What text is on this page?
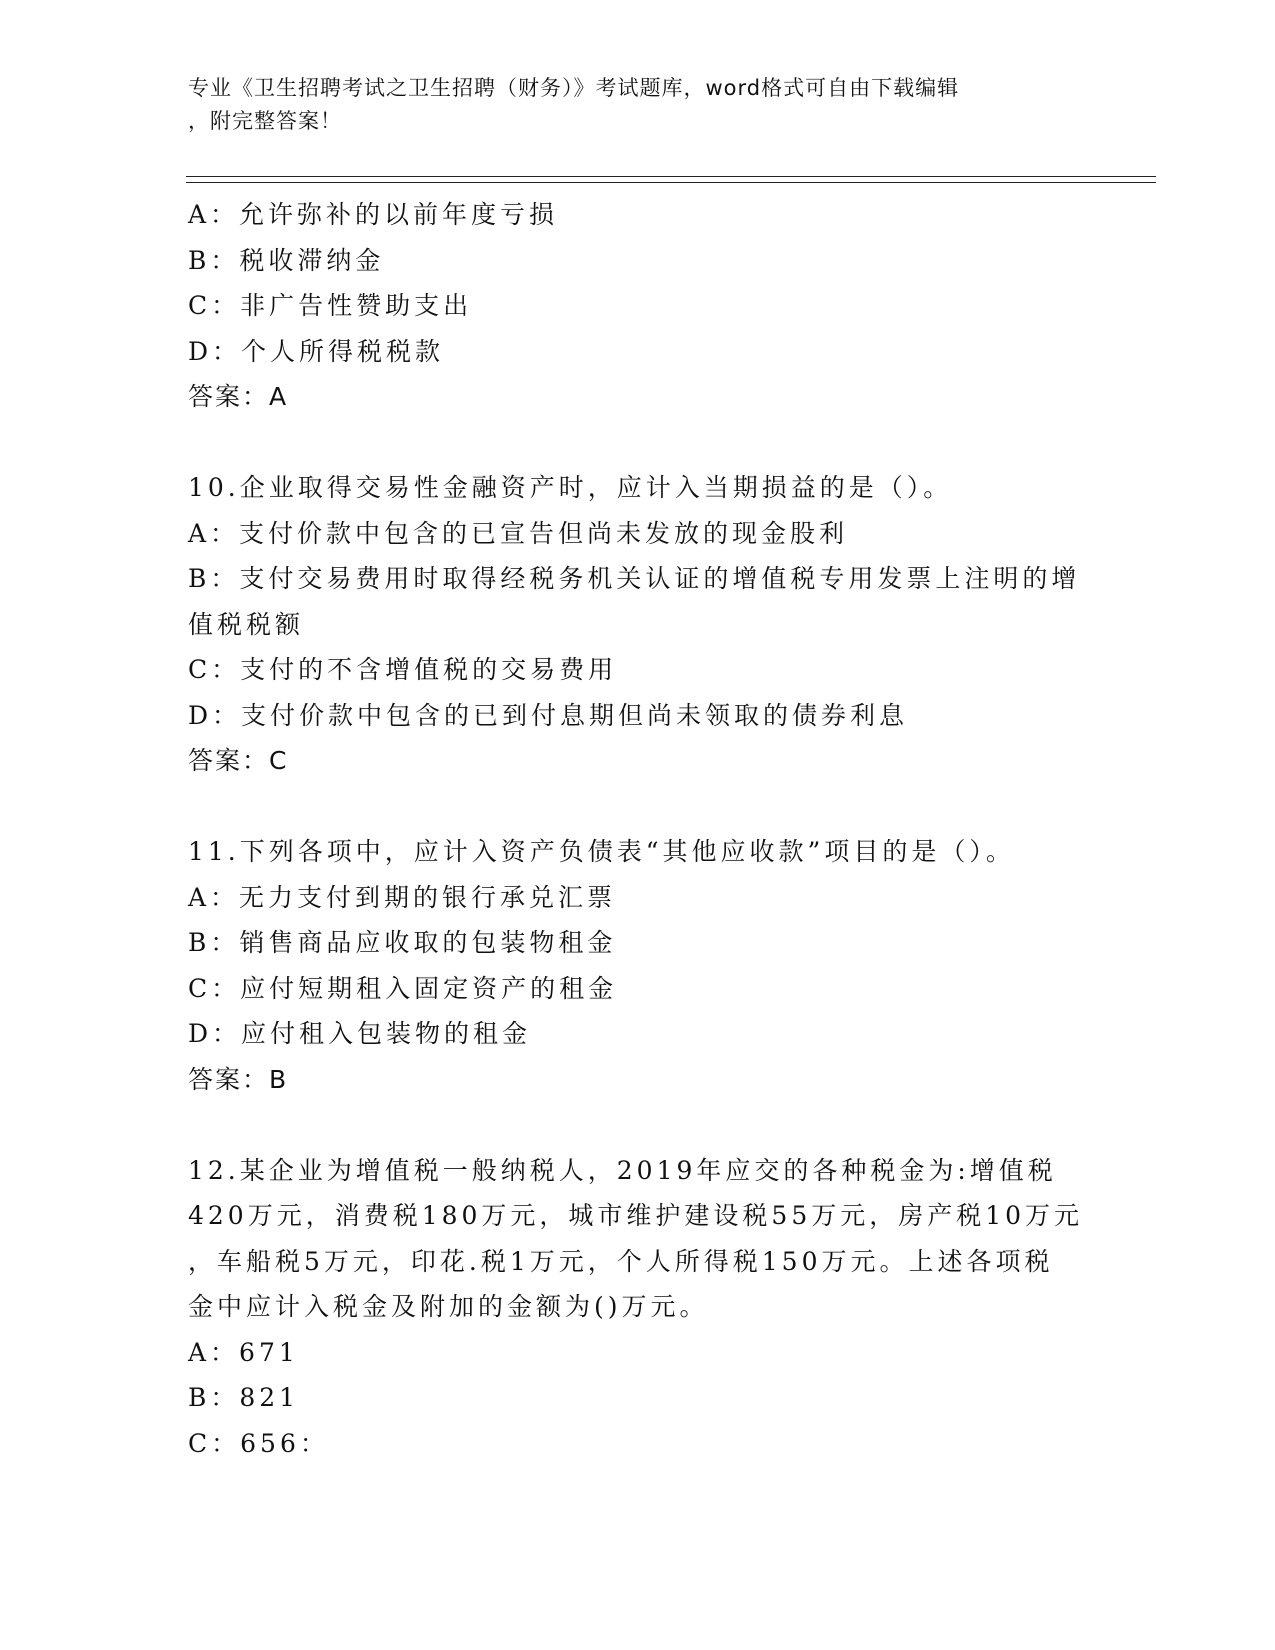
专业《卫生招聘考试之卫生招聘（财务）》考试题库，word格式可自由下载编辑
，附完整答案！
A：允许弥补的以前年度亏损
B：税收滞纳金
C：非广告性赞助支出
D：个人所得税税款
答案：A
10.企业取得交易性金融资产时，应计入当期损益的是（）。
A：支付价款中包含的已宣告但尚未发放的现金股利
B：支付交易费用时取得经税务机关认证的增值税专用发票上注明的增
值税税额
C：支付的不含增值税的交易费用
D：支付价款中包含的已到付息期但尚未领取的债券利息
答案：C
11.下列各项中，应计入资产负债表“其他应收款”项目的是（）。
A：无力支付到期的银行承兑汇票
B：销售商品应收取的包装物租金
C：应付短期租入固定资产的租金
D：应付租入包装物的租金
答案：B
12.某企业为增值税一般纳税人，2019年应交的各种税金为:增值税
420万元，消费税180万元，城市维护建设税55万元，房产税10万元
，车船税5万元，印花.税1万元，个人所得税150万元。上述各项税
金中应计入税金及附加的金额为()万元。
A：671
B：821
C：656：
